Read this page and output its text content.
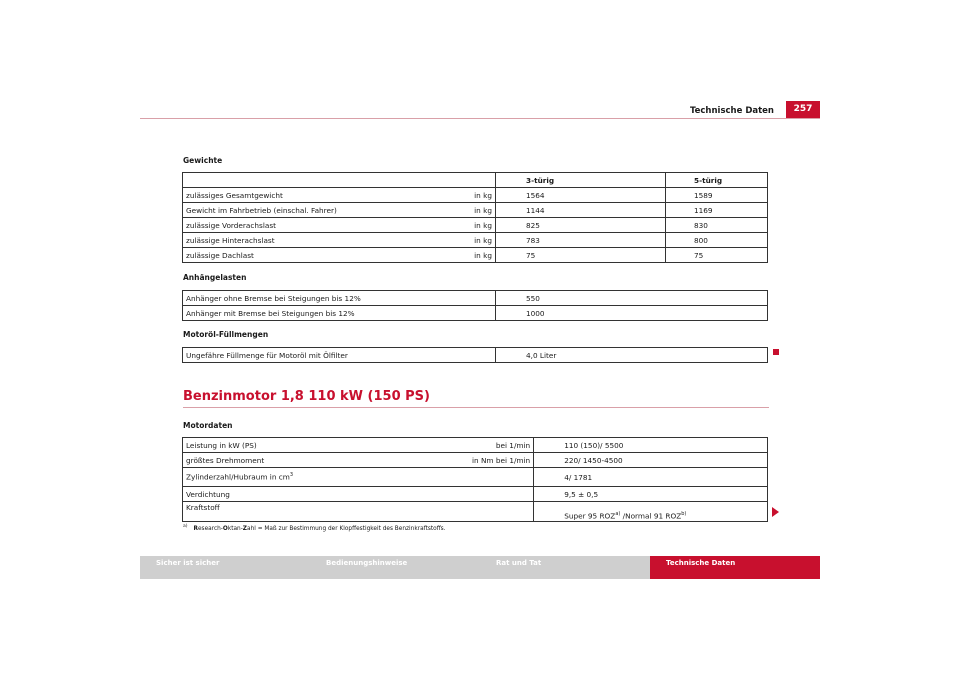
Technische Daten	257
Gewichte
		3-türig	5-türig
zulässiges Gesamtgewicht	in kg	1564	1589
Gewicht im Fahrbetrieb (einschal. Fahrer)	in kg	1144	1169
zulässige Vorderachslast	in kg	825	830
zulässige Hinterachslast	in kg	783	800
zulässige Dachlast	in kg	75	75
Anhängelasten
Anhänger ohne Bremse bei Steigungen bis 12%	550
Anhänger mit Bremse bei Steigungen bis 12%	1000
Motoröl-Füllmengen
Ungefähre Füllmenge für Motoröl mit Ölfilter	4,0 Liter
Benzinmotor 1,8 110 kW (150 PS)
Motordaten
Leistung in kW (PS)	bei 1/min	110 (150)/ 5500
größtes Drehmoment	in Nm bei 1/min	220/ 1450-4500
Zylinderzahl/Hubraum in $cm^3$		4/ 1781
Verdichtung		9,5 ± 0,5
Kraftstoff		Super 95 ROZ$^{a)}$ /Normal 91 ROZ$^{b)}$
$^{a)}$ Research-Oktan-Zahl = Maß zur Bestimmung der Klopffestigkeit des Benzinkraftstoffs.
Sicher ist sicher	Bedienungshinweise	Rat und Tat	Technische Daten
